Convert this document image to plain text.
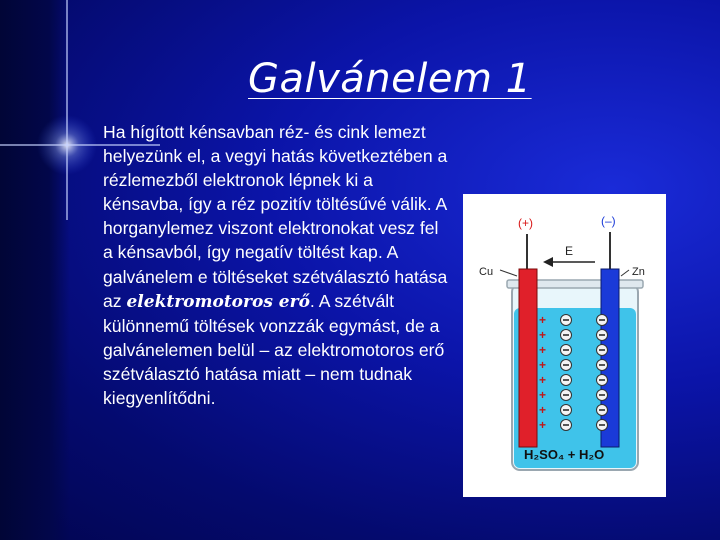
Galvánelem 1
Ha hígított kénsavban réz- és cink lemezt helyezünk el, a vegyi hatás következtében a rézlemezből elektronok lépnek ki a kénsavba, így a réz pozitív töltésűvé válik. A horganylemez viszont elektronokat vesz fel a kénsavból, így negatív töltést kap. A galvánelem e töltéseket szétválasztó hatása az elektromotoros erő. A szétvált különnemű töltések vonzzák egymást, de a galvánelemen belül – az elektromotoros erő szétválasztó hatása miatt – nem tudnak kiegyenlítődni.
+
+
+
+
+
+
+
+
(+)	(–)
E
Cu	Zn
H₂SO₄ + H₂O
